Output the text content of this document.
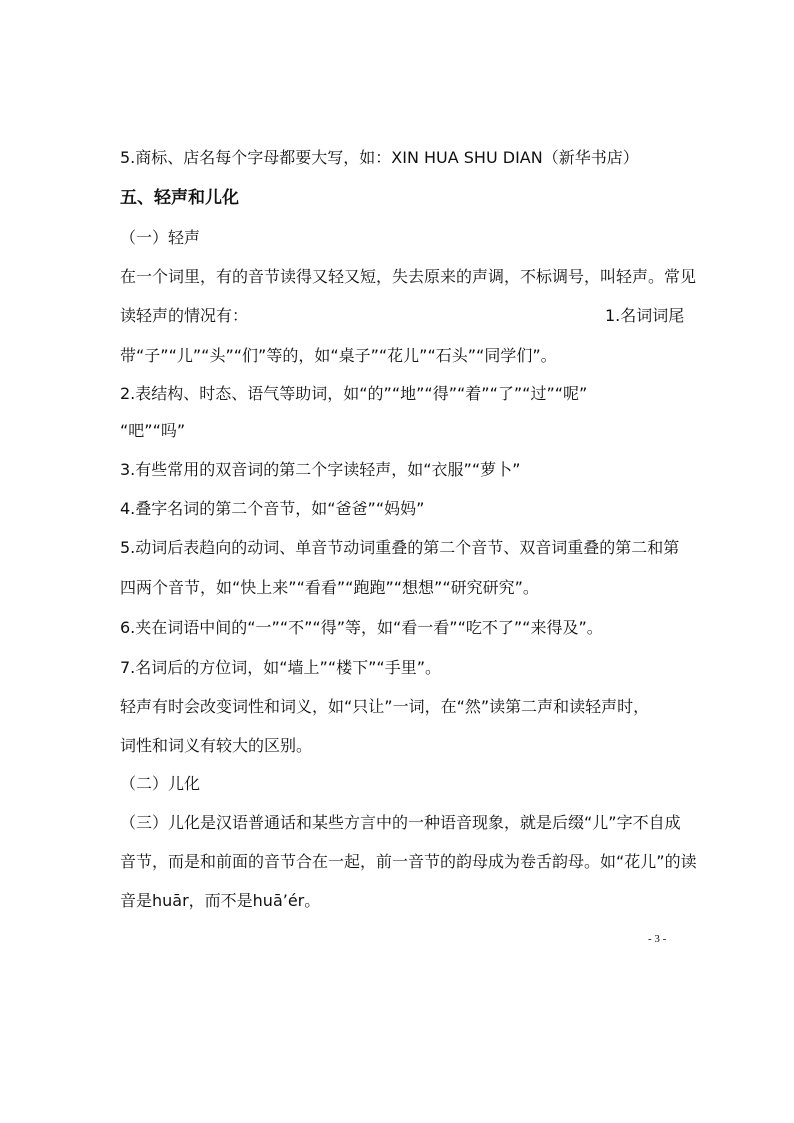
5.商标、店名每个字母都要大写，如：XIN HUA SHU DIAN（新华书店）
五、轻声和儿化
（一）轻声
在一个词里，有的音节读得又轻又短，失去原来的声调，不标调号，叫轻声。常见
读轻声的情况有：	1.名词词尾
带“子”“儿”“头”“们”等的，如“桌子”“花儿”“石头”“同学们”。
2.表结构、时态、语气等助词，如“的”“地”“得”“着”“了”“过”“呢”
“吧”“吗”
3.有些常用的双音词的第二个字读轻声，如“衣服”“萝卜”
4.叠字名词的第二个音节，如“爸爸”“妈妈”
5.动词后表趋向的动词、单音节动词重叠的第二个音节、双音词重叠的第二和第
四两个音节，如“快上来”“看看”“跑跑”“想想”“研究研究”。
6.夹在词语中间的“一”“不”“得”等，如“看一看”“吃不了”“来得及”。
7.名词后的方位词，如“墙上”“楼下”“手里”。
轻声有时会改变词性和词义，如“只让”一词，在“然”读第二声和读轻声时，
词性和词义有较大的区别。
（二）儿化
（三）儿化是汉语普通话和某些方言中的一种语音现象，就是后缀“儿”字不自成
音节，而是和前面的音节合在一起，前一音节的韵母成为卷舌韵母。如“花儿”的读
音是huār，而不是huā’ér。
- 3 -
